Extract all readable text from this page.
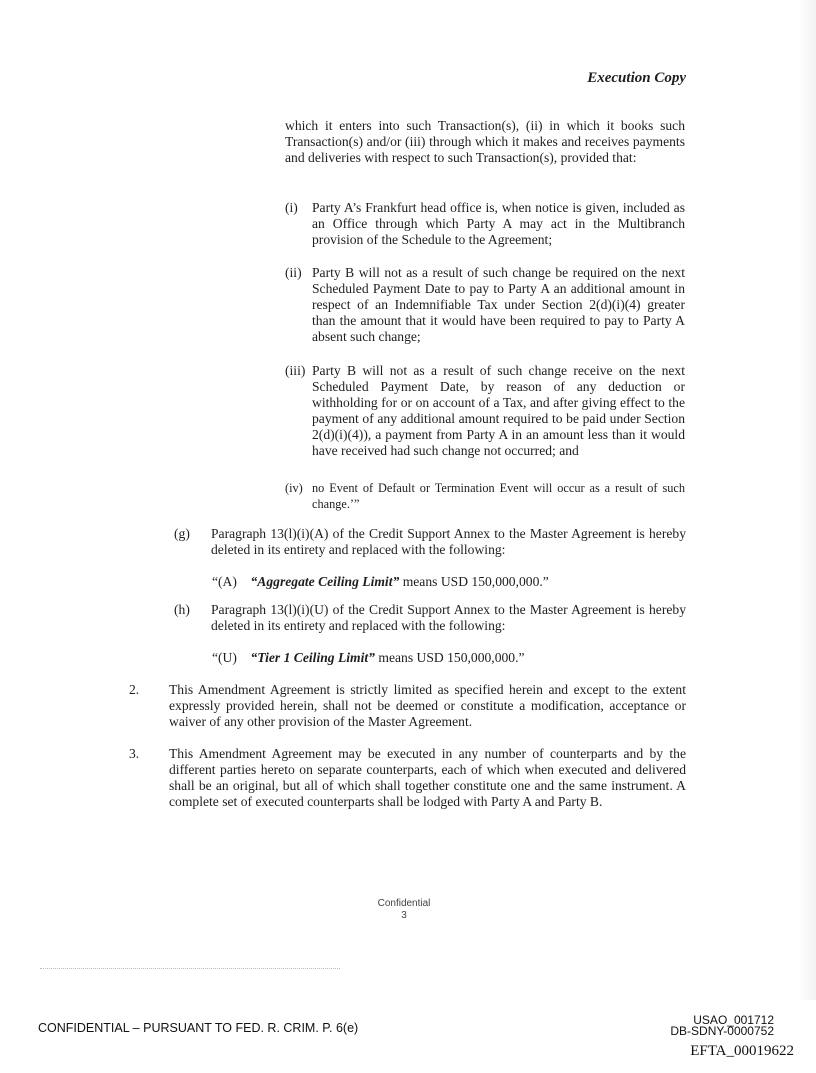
Execution Copy

which it enters into such Transaction(s), (ii) in which it books such Transaction(s) and/or (iii) through which it makes and receives payments and deliveries with respect to such Transaction(s), provided that:

(i) Party A’s Frankfurt head office is, when notice is given, included as an Office through which Party A may act in the Multibranch provision of the Schedule to the Agreement;
(ii) Party B will not as a result of such change be required on the next Scheduled Payment Date to pay to Party A an additional amount in respect of an Indemnifiable Tax under Section 2(d)(i)(4) greater than the amount that it would have been required to pay to Party A absent such change;
(iii) Party B will not as a result of such change receive on the next Scheduled Payment Date, by reason of any deduction or withholding for or on account of a Tax, and after giving effect to the payment of any additional amount required to be paid under Section 2(d)(i)(4)), a payment from Party A in an amount less than it would have received had such change not occurred; and
(iv) no Event of Default or Termination Event will occur as a result of such change.’”
(g) Paragraph 13(l)(i)(A) of the Credit Support Annex to the Master Agreement is hereby deleted in its entirety and replaced with the following:
“(A) “Aggregate Ceiling Limit” means USD 150,000,000.”
(h) Paragraph 13(l)(i)(U) of the Credit Support Annex to the Master Agreement is hereby deleted in its entirety and replaced with the following:
“(U) “Tier 1 Ceiling Limit” means USD 150,000,000.”
2. This Amendment Agreement is strictly limited as specified herein and except to the extent expressly provided herein, shall not be deemed or constitute a modification, acceptance or waiver of any other provision of the Master Agreement.
3. This Amendment Agreement may be executed in any number of counterparts and by the different parties hereto on separate counterparts, each of which when executed and delivered shall be an original, but all of which shall together constitute one and the same instrument. A complete set of executed counterparts shall be lodged with Party A and Party B.
Confidential
3
CONFIDENTIAL – PURSUANT TO FED. R. CRIM. P. 6(e)
USAO_001712
DB-SDNY-0000752
EFTA_00019622
